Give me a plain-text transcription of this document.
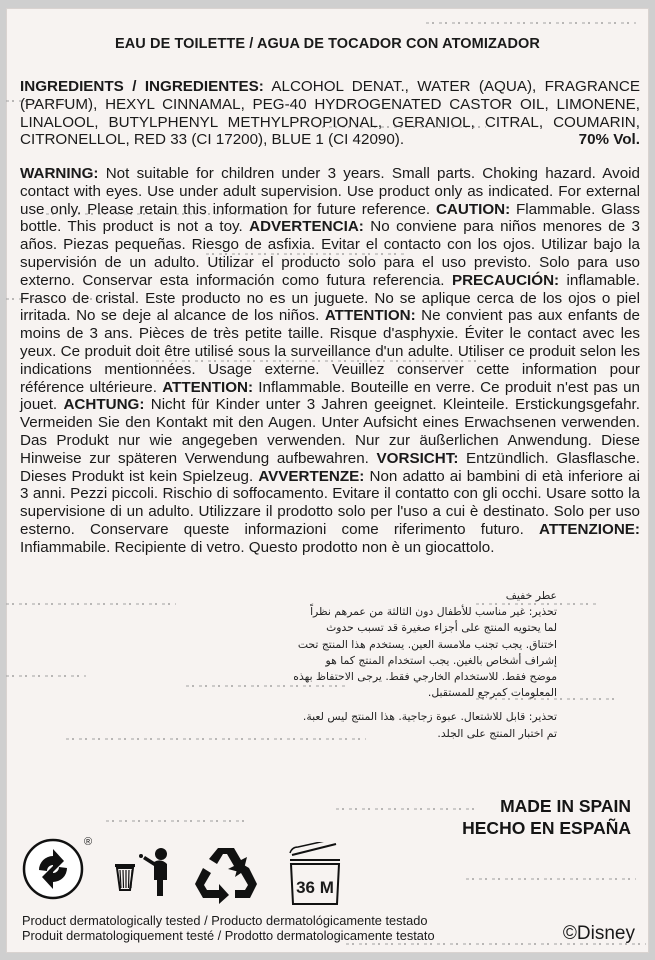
EAU DE TOILETTE / AGUA DE TOCADOR CON ATOMIZADOR

INGREDIENTS / INGREDIENTES: ALCOHOL DENAT., WATER (AQUA), FRAGRANCE (PARFUM), HEXYL CINNAMAL, PEG-40 HYDROGENATED CASTOR OIL, LIMONENE, LINALOOL, BUTYLPHENYL METHYLPROPIONAL, GERANIOL, CITRAL, COUMARIN, CITRONELLOL, RED 33 (CI 17200), BLUE 1 (CI 42090).	70% Vol.

WARNING: Not suitable for children under 3 years. Small parts. Choking hazard. Avoid contact with eyes. Use under adult supervision. Use product only as indicated. For external use only. Please retain this information for future reference. CAUTION: Flammable. Glass bottle. This product is not a toy. ADVERTENCIA: No conviene para niños menores de 3 años. Piezas pequeñas. Riesgo de asfixia. Evitar el contacto con los ojos. Utilizar bajo la supervisión de un adulto. Utilizar el producto solo para el uso previsto. Solo para uso externo. Conservar esta información como futura referencia. PRECAUCIÓN: inflamable. Frasco de cristal. Este producto no es un juguete. No se aplique cerca de los ojos o piel irritada. No se deje al alcance de los niños. ATTENTION: Ne convient pas aux enfants de moins de 3 ans. Pièces de très petite taille. Risque d'asphyxie. Éviter le contact avec les yeux. Ce produit doit être utilisé sous la surveillance d'un adulte. Utiliser ce produit selon les indications mentionnées. Usage externe. Veuillez conserver cette information pour référence ultérieure. ATTENTION: Inflammable. Bouteille en verre. Ce produit n'est pas un jouet. ACHTUNG: Nicht für Kinder unter 3 Jahren geeignet. Kleinteile. Erstickungsgefahr. Vermeiden Sie den Kontakt mit den Augen. Unter Aufsicht eines Erwachsenen verwenden. Das Produkt nur wie angegeben verwenden. Nur zur äußerlichen Anwendung. Diese Hinweise zur späteren Verwendung aufbewahren. VORSICHT: Entzündlich. Glasflasche. Dieses Produkt ist kein Spielzeug. AVVERTENZE: Non adatto ai bambini di età inferiore ai 3 anni. Pezzi piccoli. Rischio di soffocamento. Evitare il contatto con gli occhi. Usare sotto la supervisione di un adulto. Utilizzare il prodotto solo per l'uso a cui è destinato. Solo per uso esterno. Conservare queste informazioni come riferimento futuro. ATTENZIONE: Infiammabile. Recipiente di vetro. Questo prodotto non è un giocattolo.

عطر خفيف
تحذير: غير مناسب للأطفال دون الثالثة من عمرهم نظراً
لما يحتويه المنتج على أجزاء صغيرة قد تسبب حدوث
اختناق. يجب تجنب ملامسة العين. يستخدم هذا المنتج تحت
إشراف أشخاص بالغين. يجب استخدام المنتج كما هو
موضح فقط. للاستخدام الخارجي فقط. يرجى الاحتفاظ بهذه
المعلومات كمرجع للمستقبل.
تحذير: قابل للاشتعال. عبوة زجاجية. هذا المنتج ليس لعبة.
تم اختبار المنتج على الجلد.
MADE IN SPAIN
HECHO EN ESPAÑA
®
36 M
Product dermatologically tested / Producto dermatológicamente testado
Produit dermatologiquement testé / Prodotto dermatologicamente testato	©Disney
